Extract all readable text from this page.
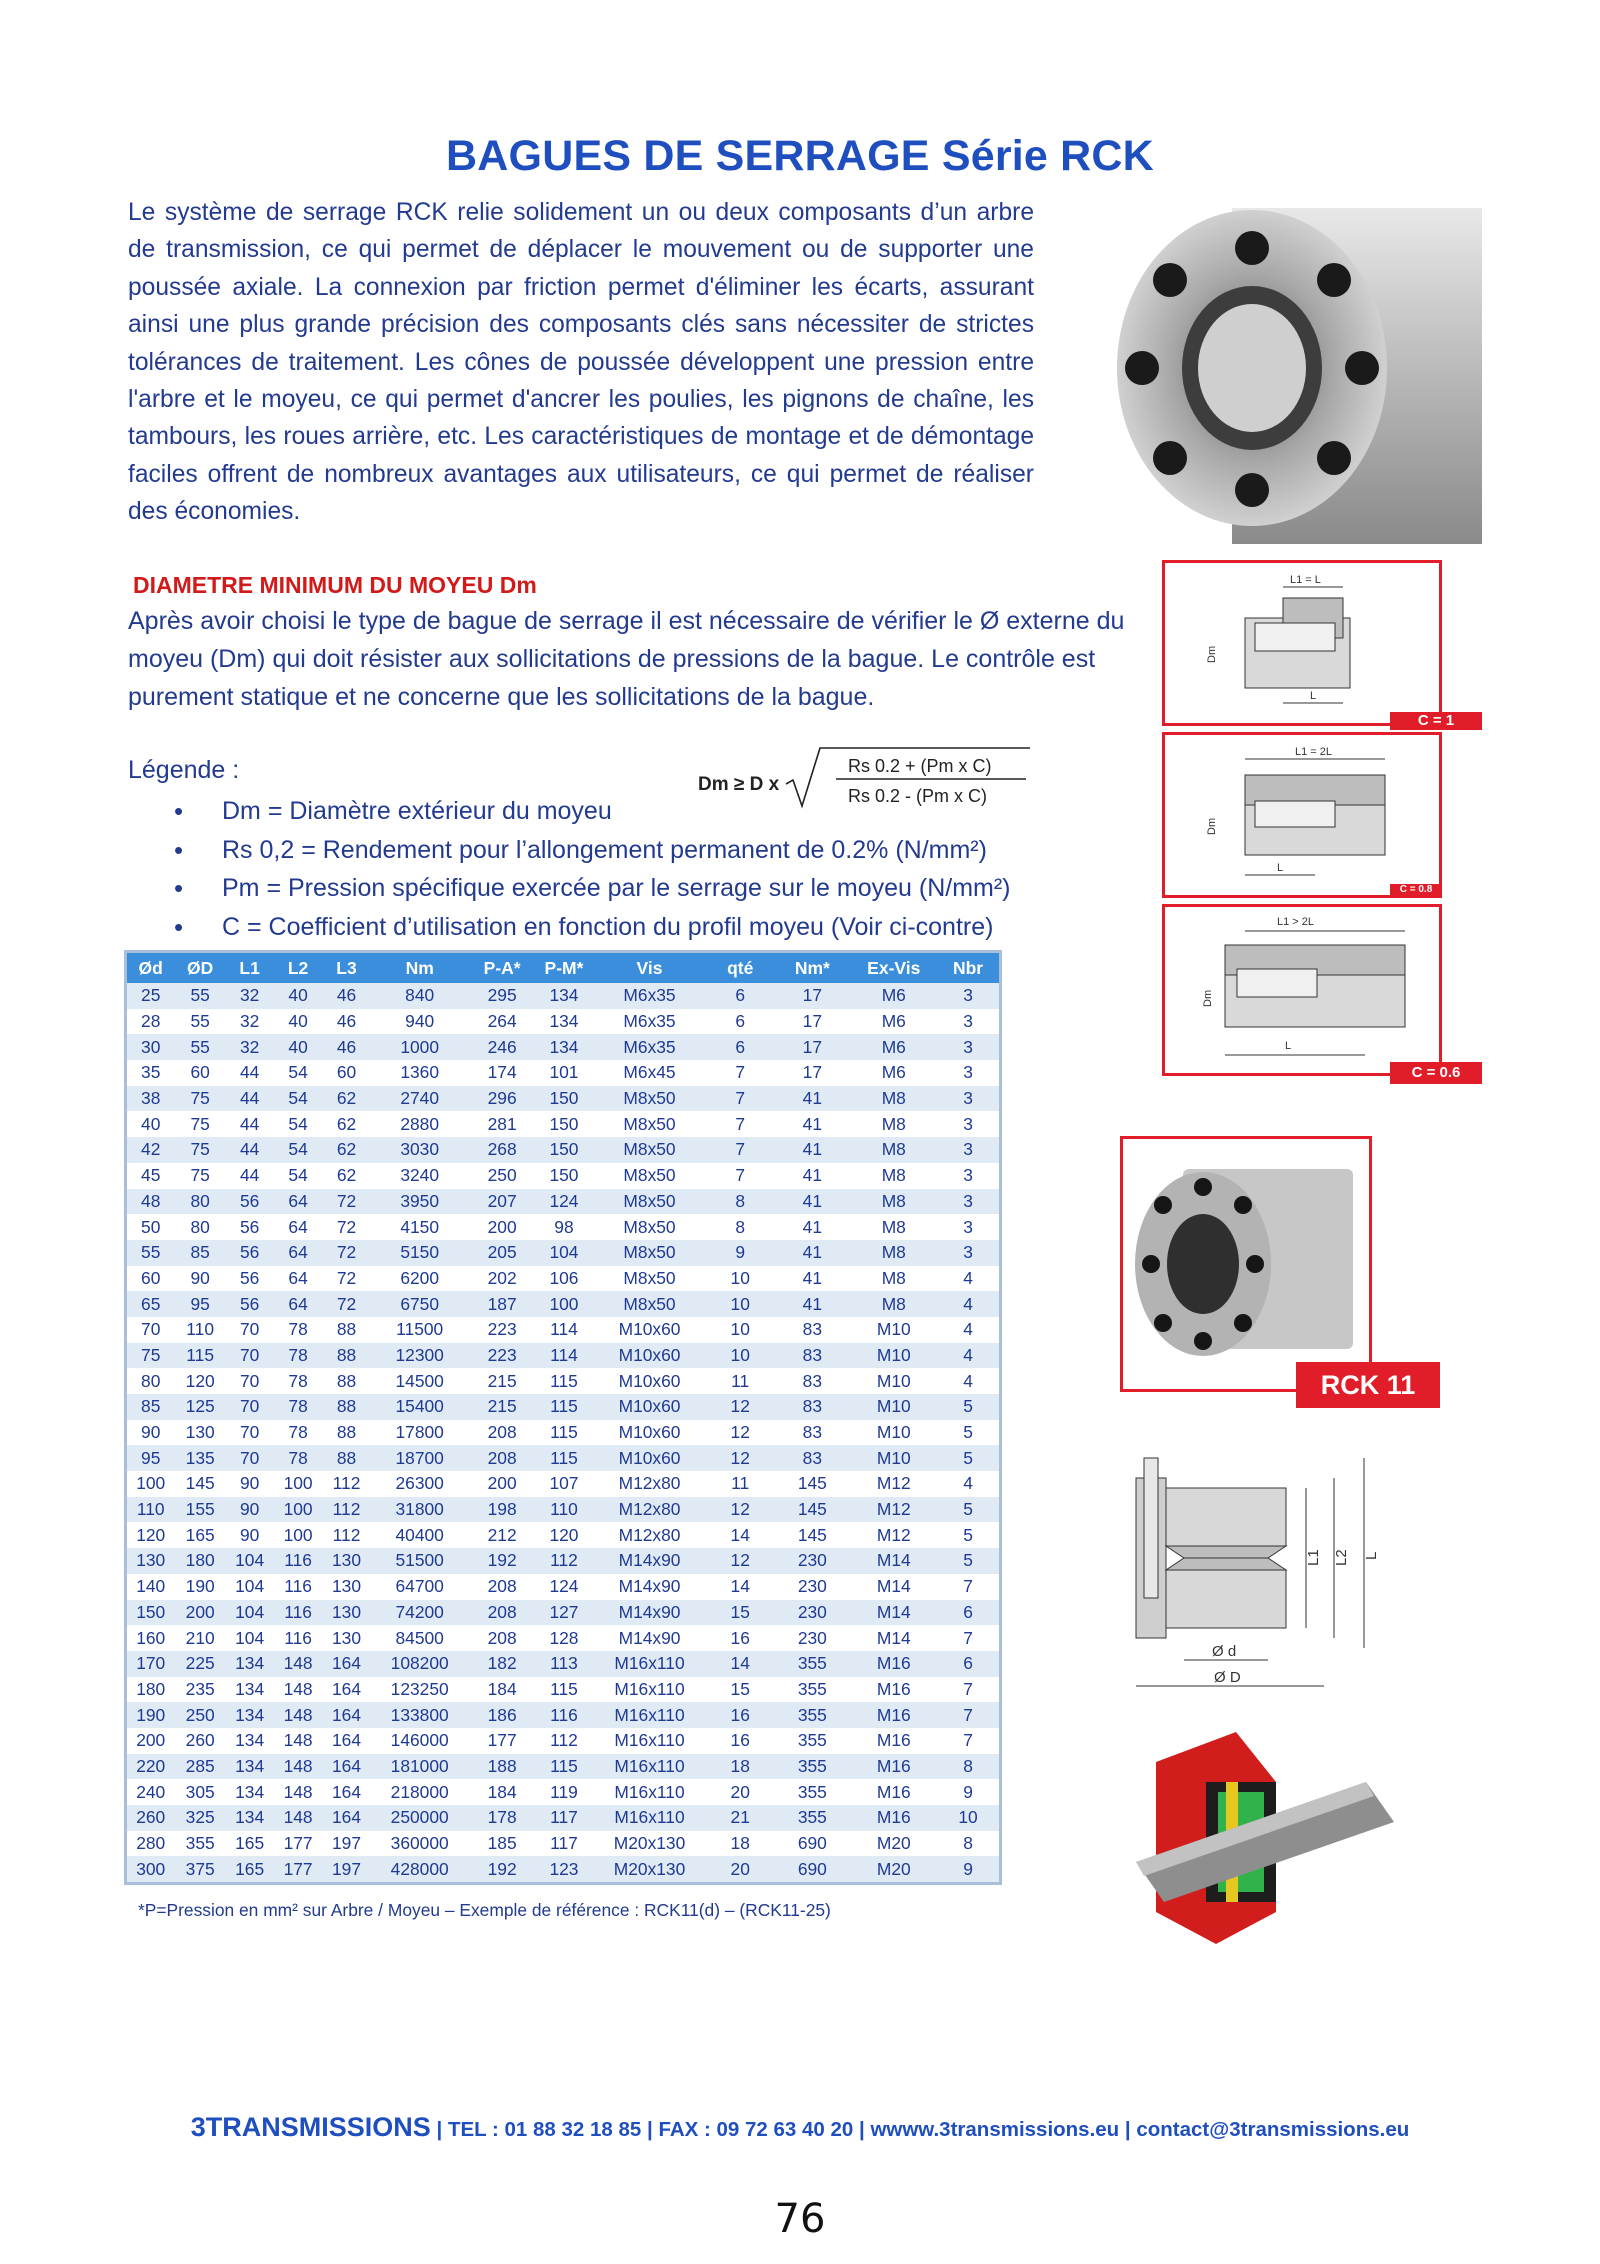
BAGUES DE SERRAGE Série RCK
Le système de serrage RCK relie solidement un ou deux composants d’un arbre de transmission, ce qui permet de déplacer le mouvement ou de supporter une poussée axiale. La connexion par friction permet d'éliminer les écarts, assurant ainsi une plus grande précision des composants clés sans nécessiter de strictes tolérances de traitement. Les cônes de poussée développent une pression entre l'arbre et le moyeu, ce qui permet d'ancrer les poulies, les pignons de chaîne, les tambours, les roues arrière, etc. Les caractéristiques de montage et de démontage faciles offrent de nombreux avantages aux utilisateurs, ce qui permet de réaliser des économies.
DIAMETRE MINIMUM DU MOYEU Dm
Après avoir choisi le type de bague de serrage il est nécessaire de vérifier le Ø externe du moyeu (Dm) qui doit résister aux sollicitations de pressions de la bague. Le contrôle est purement statique et ne concerne que les sollicitations de la bague.
Légende :
• Dm = Diamètre extérieur du moyeu
• Rs 0,2 = Rendement pour l’allongement permanent de 0.2% (N/mm²)
• Pm = Pression spécifique exercée par le serrage sur le moyeu (N/mm²)
• C = Coefficient d’utilisation en fonction du profil moyeu (Voir ci-contre)
Dm ≥ D x
Rs 0.2 + (Pm x C)
Rs 0.2 - (Pm x C)
Ød	ØD	L1	L2	L3	Nm	P-A*	P-M*	Vis	qté	Nm*	Ex-Vis	Nbr
25	55	32	40	46	840	295	134	M6x35	6	17	M6	3
28	55	32	40	46	940	264	134	M6x35	6	17	M6	3
30	55	32	40	46	1000	246	134	M6x35	6	17	M6	3
35	60	44	54	60	1360	174	101	M6x45	7	17	M6	3
38	75	44	54	62	2740	296	150	M8x50	7	41	M8	3
40	75	44	54	62	2880	281	150	M8x50	7	41	M8	3
42	75	44	54	62	3030	268	150	M8x50	7	41	M8	3
45	75	44	54	62	3240	250	150	M8x50	7	41	M8	3
48	80	56	64	72	3950	207	124	M8x50	8	41	M8	3
50	80	56	64	72	4150	200	98	M8x50	8	41	M8	3
55	85	56	64	72	5150	205	104	M8x50	9	41	M8	3
60	90	56	64	72	6200	202	106	M8x50	10	41	M8	4
65	95	56	64	72	6750	187	100	M8x50	10	41	M8	4
70	110	70	78	88	11500	223	114	M10x60	10	83	M10	4
75	115	70	78	88	12300	223	114	M10x60	10	83	M10	4
80	120	70	78	88	14500	215	115	M10x60	11	83	M10	4
85	125	70	78	88	15400	215	115	M10x60	12	83	M10	5
90	130	70	78	88	17800	208	115	M10x60	12	83	M10	5
95	135	70	78	88	18700	208	115	M10x60	12	83	M10	5
100	145	90	100	112	26300	200	107	M12x80	11	145	M12	4
110	155	90	100	112	31800	198	110	M12x80	12	145	M12	5
120	165	90	100	112	40400	212	120	M12x80	14	145	M12	5
130	180	104	116	130	51500	192	112	M14x90	12	230	M14	5
140	190	104	116	130	64700	208	124	M14x90	14	230	M14	7
150	200	104	116	130	74200	208	127	M14x90	15	230	M14	6
160	210	104	116	130	84500	208	128	M14x90	16	230	M14	7
170	225	134	148	164	108200	182	113	M16x110	14	355	M16	6
180	235	134	148	164	123250	184	115	M16x110	15	355	M16	7
190	250	134	148	164	133800	186	116	M16x110	16	355	M16	7
200	260	134	148	164	146000	177	112	M16x110	16	355	M16	7
220	285	134	148	164	181000	188	115	M16x110	18	355	M16	8
240	305	134	148	164	218000	184	119	M16x110	20	355	M16	9
260	325	134	148	164	250000	178	117	M16x110	21	355	M16	10
280	355	165	177	197	360000	185	117	M20x130	18	690	M20	8
300	375	165	177	197	428000	192	123	M20x130	20	690	M20	9
*P=Pression en mm² sur Arbre / Moyeu – Exemple de référence : RCK11(d) – (RCK11-25)
L1 = L
Dm
L
C = 1
L1 = 2L
Dm
L
C = 0.8
L1 > 2L
Dm
L
C = 0.6
RCK 11
L1 L2 L
Ø d
Ø D
3TRANSMISSIONS | TEL : 01 88 32 18 85 | FAX : 09 72 63 40 20 | wwww.3transmissions.eu | contact@3transmissions.eu
76
